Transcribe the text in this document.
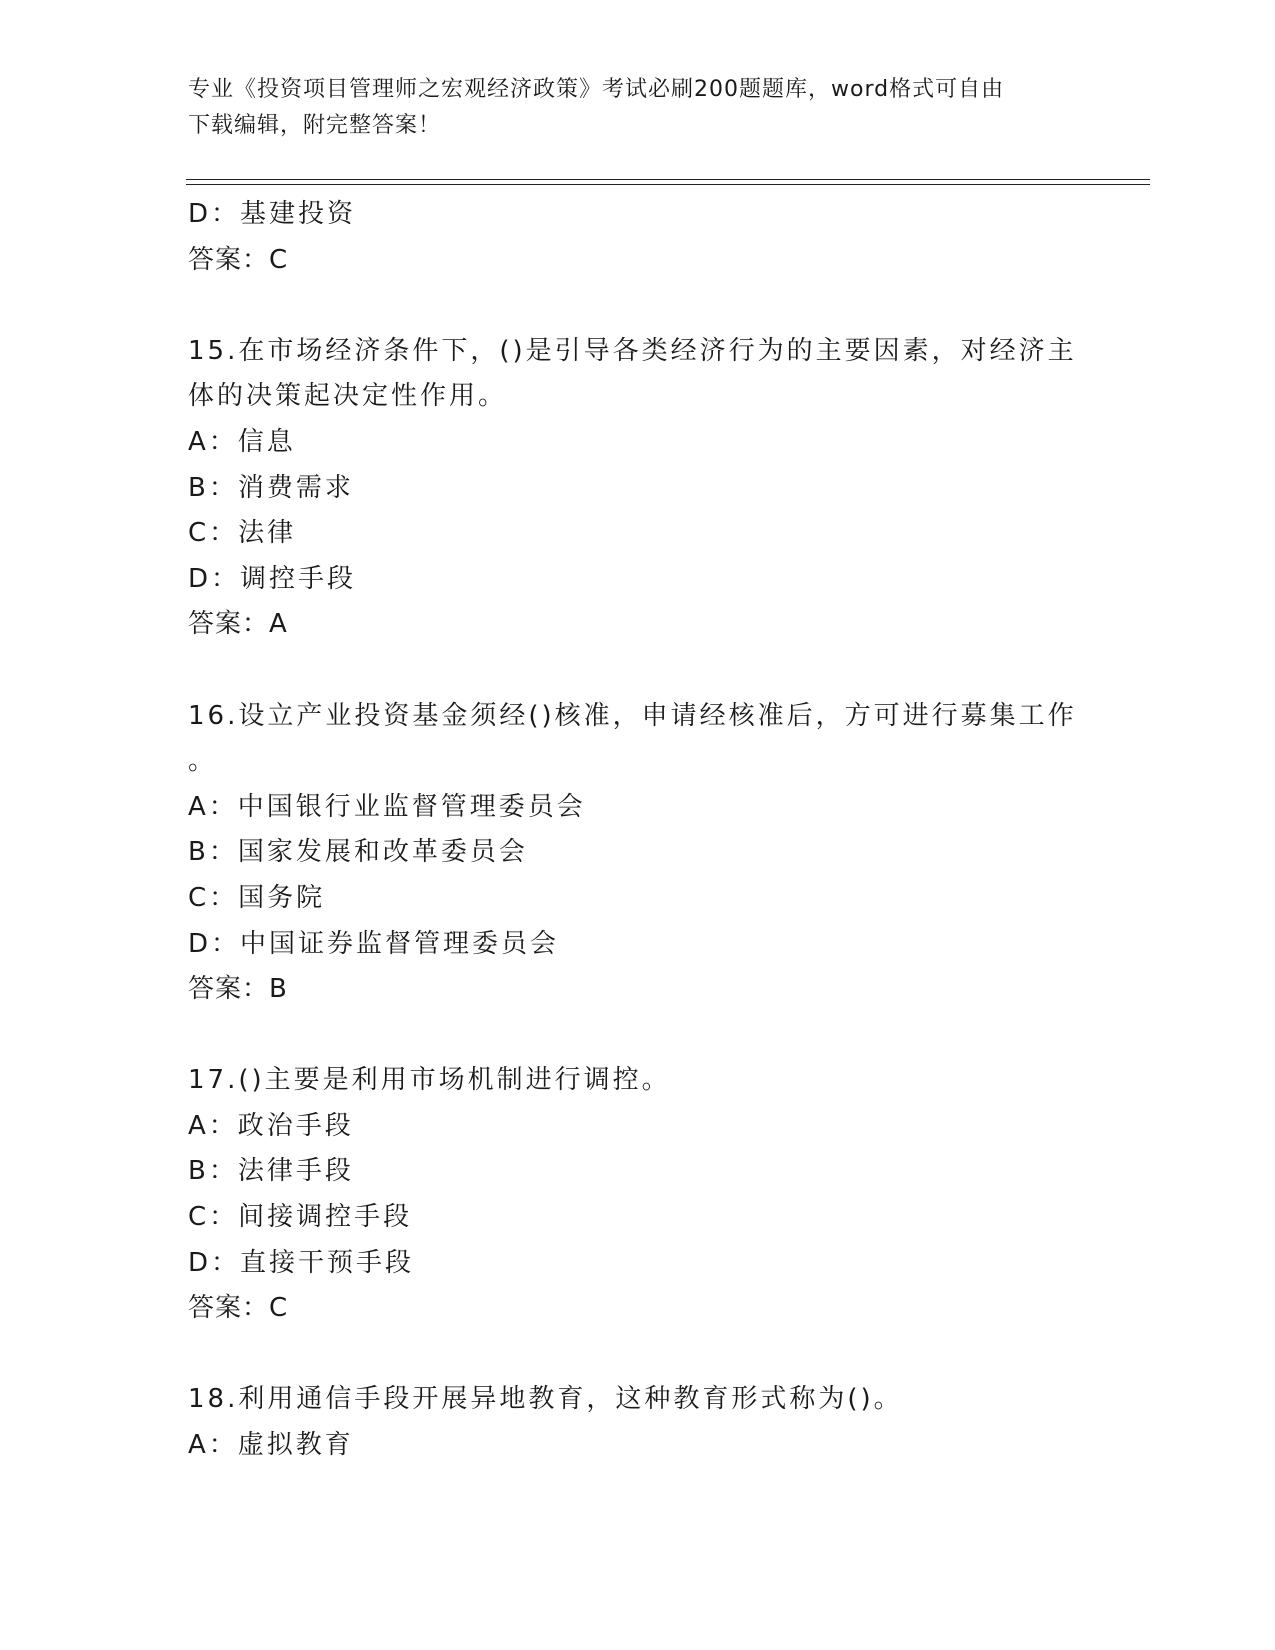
专业《投资项目管理师之宏观经济政策》考试必刷200题题库，word格式可自由
下载编辑，附完整答案！
D：基建投资
答案：C
15.在市场经济条件下，()是引导各类经济行为的主要因素，对经济主
体的决策起决定性作用。
A：信息
B：消费需求
C：法律
D：调控手段
答案：A
16.设立产业投资基金须经()核准，申请经核准后，方可进行募集工作
。
A：中国银行业监督管理委员会
B：国家发展和改革委员会
C：国务院
D：中国证券监督管理委员会
答案：B
17.()主要是利用市场机制进行调控。
A：政治手段
B：法律手段
C：间接调控手段
D：直接干预手段
答案：C
18.利用通信手段开展异地教育，这种教育形式称为()。
A：虚拟教育
